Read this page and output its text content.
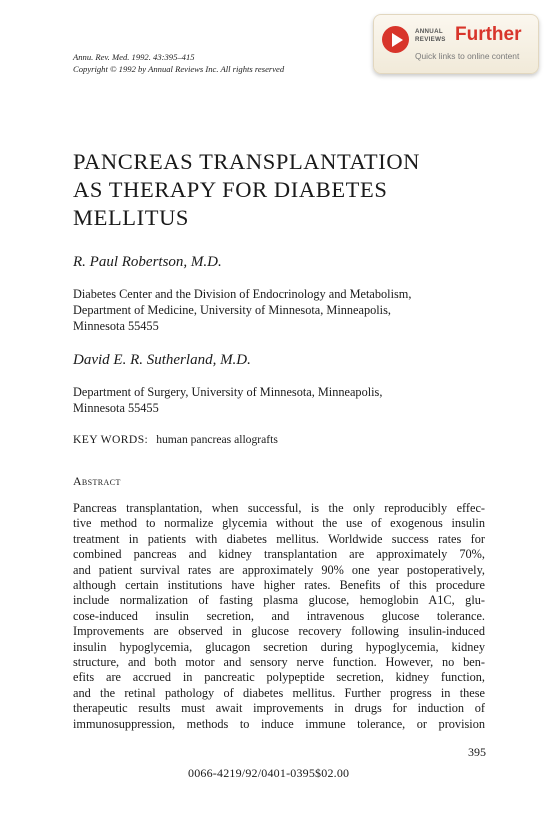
Annu. Rev. Med. 1992. 43:395–415
Copyright © 1992 by Annual Reviews Inc. All rights reserved
ANNUAL
REVIEWS Further
Quick links to online content
PANCREAS TRANSPLANTATION
AS THERAPY FOR DIABETES
MELLITUS
R. Paul Robertson, M.D.
Diabetes Center and the Division of Endocrinology and Metabolism,
Department of Medicine, University of Minnesota, Minneapolis,
Minnesota 55455
David E. R. Sutherland, M.D.
Department of Surgery, University of Minnesota, Minneapolis,
Minnesota 55455
KEY WORDS: human pancreas allografts
Abstract
Pancreas transplantation, when successful, is the only reproducibly effec-
tive method to normalize glycemia without the use of exogenous insulin
treatment in patients with diabetes mellitus. Worldwide success rates for
combined pancreas and kidney transplantation are approximately 70%,
and patient survival rates are approximately 90% one year postoperatively,
although certain institutions have higher rates. Benefits of this procedure
include normalization of fasting plasma glucose, hemoglobin A1C, glu-
cose-induced insulin secretion, and intravenous glucose tolerance.
Improvements are observed in glucose recovery following insulin-induced
insulin hypoglycemia, glucagon secretion during hypoglycemia, kidney
structure, and both motor and sensory nerve function. However, no ben-
efits are accrued in pancreatic polypeptide secretion, kidney function,
and the retinal pathology of diabetes mellitus. Further progress in these
therapeutic results must await improvements in drugs for induction of
immunosuppression, methods to induce immune tolerance, or provision
395
0066-4219/92/0401-0395$02.00
